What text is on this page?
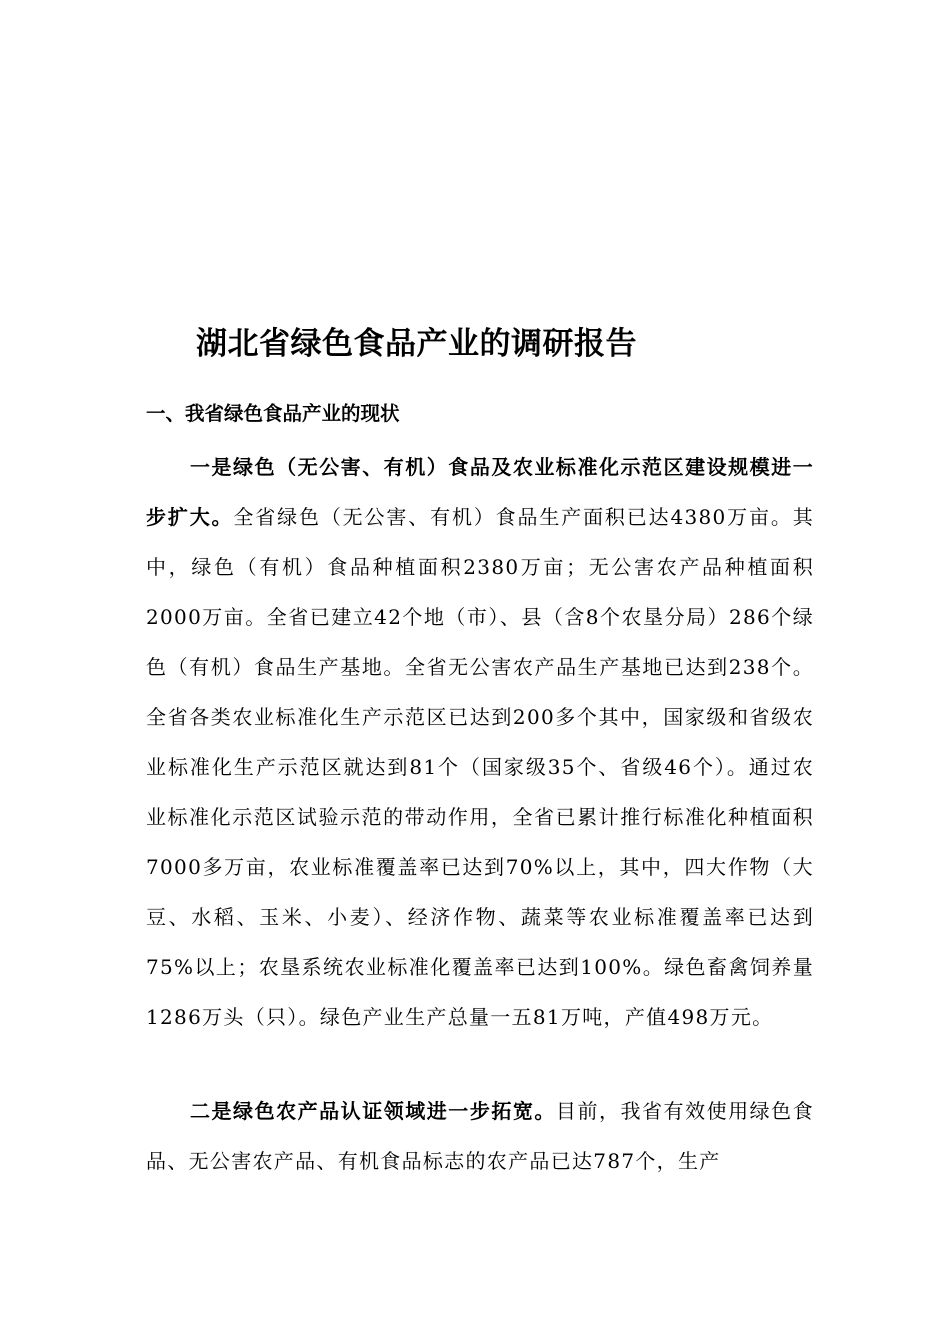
湖北省绿色食品产业的调研报告
一、我省绿色食品产业的现状

一是绿色（无公害、有机）食品及农业标准化示范区建设规模进一步扩大。全省绿色（无公害、有机）食品生产面积已达4380万亩。其中，绿色（有机）食品种植面积2380万亩；无公害农产品种植面积2000万亩。全省已建立42个地（市）、县（含8个农垦分局）286个绿色（有机）食品生产基地。全省无公害农产品生产基地已达到238个。全省各类农业标准化生产示范区已达到200多个其中，国家级和省级农业标准化生产示范区就达到81个（国家级35个、省级46个）。通过农业标准化示范区试验示范的带动作用，全省已累计推行标准化种植面积7000多万亩，农业标准覆盖率已达到70%以上，其中，四大作物（大豆、水稻、玉米、小麦）、经济作物、蔬菜等农业标准覆盖率已达到75%以上；农垦系统农业标准化覆盖率已达到100%。绿色畜禽饲养量1286万头（只）。绿色产业生产总量一五81万吨，产值498万元。

二是绿色农产品认证领域进一步拓宽。目前，我省有效使用绿色食品、无公害农产品、有机食品标志的农产品已达787个，生产
